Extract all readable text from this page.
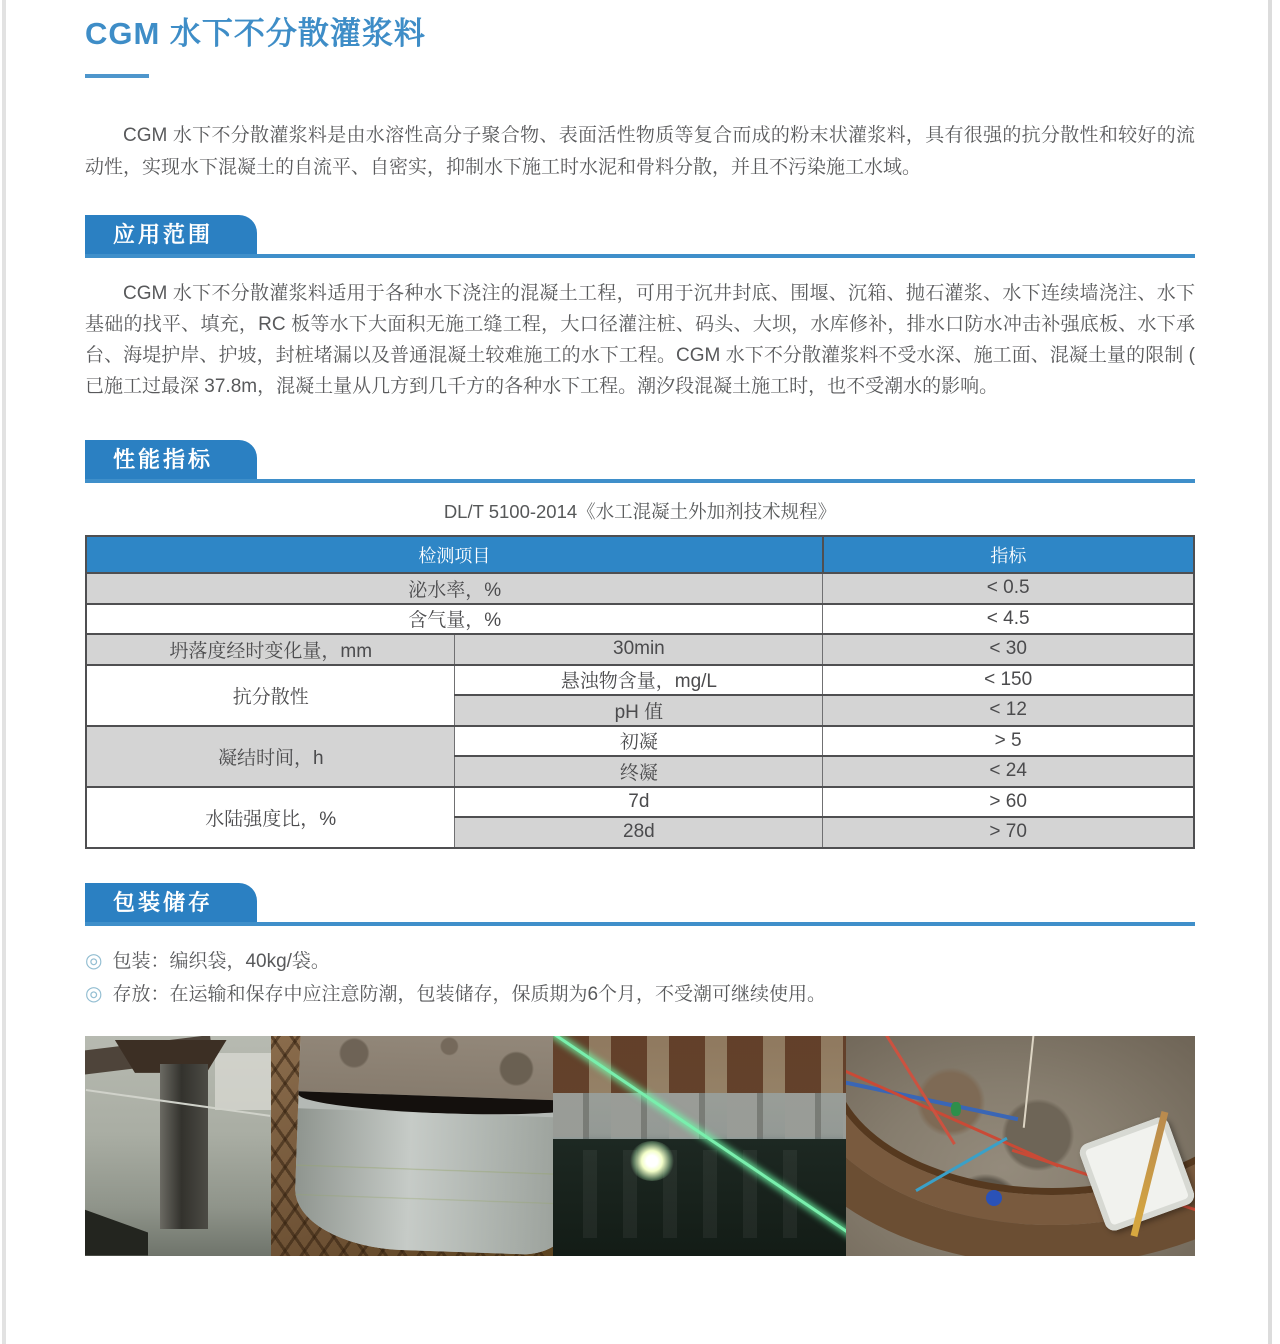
CGM 水下不分散灌浆料

CGM 水下不分散灌浆料是由水溶性高分子聚合物、表面活性物质等复合而成的粉末状灌浆料，具有很强的抗分散性和较好的流动性，实现水下混凝土的自流平、自密实，抑制水下施工时水泥和骨料分散，并且不污染施工水域。

应用范围

CGM 水下不分散灌浆料适用于各种水下浇注的混凝土工程，可用于沉井封底、围堰、沉箱、抛石灌浆、水下连续墙浇注、水下基础的找平、填充，RC 板等水下大面积无施工缝工程，大口径灌注桩、码头、大坝，水库修补，排水口防水冲击补强底板、水下承台、海堤护岸、护坡，封桩堵漏以及普通混凝土较难施工的水下工程。CGM 水下不分散灌浆料不受水深、施工面、混凝土量的限制 ( 已施工过最深 37.8m，混凝土量从几方到几千方的各种水下工程。潮汐段混凝土施工时，也不受潮水的影响。

性能指标

DL/T 5100-2014《水工混凝土外加剂技术规程》

检测项目		指标
泌水率，%		< 0.5
含气量，%		< 4.5
坍落度经时变化量，mm	30min	< 30
抗分散性	悬浊物含量，mg/L	< 150
	pH 值	< 12
凝结时间，h	初凝	> 5
	终凝	< 24
水陆强度比，%	7d	> 60
	28d	> 70
包装储存
◎ 包装：编织袋，40kg/袋。
◎ 存放：在运输和保存中应注意防潮，包装储存，保质期为6个月，不受潮可继续使用。
